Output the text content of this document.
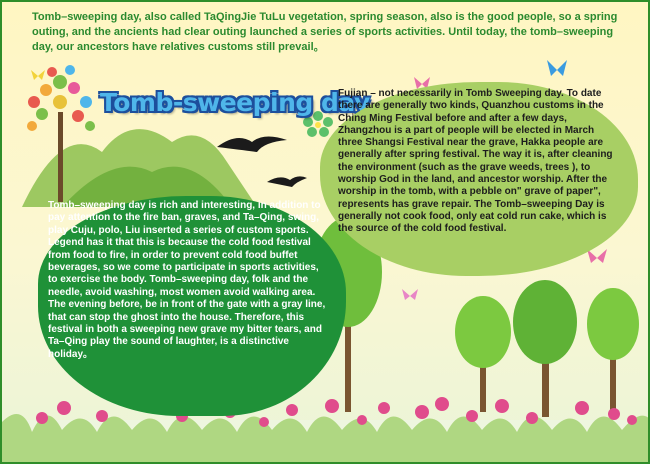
Tomb–sweeping day, also called TaQingJie TuLu vegetation, spring season, also is the good people, so a spring outing, and the ancients had clear outing launched a series of sports activities. Until today, the tomb–sweeping day, our ancestors have relatives customs still prevail。
Tomb-sweeping day
Fujian – not necessarily in Tomb Sweeping day. To date there are generally two kinds, Quanzhou customs in the Ching Ming Festival before and after a few days, Zhangzhou is a part of people will be elected in March three Shangsi Festival near the grave, Hakka people are generally after spring festival. The way it is, after cleaning the environment (such as the grave weeds, trees ), to worship God in the land, and ancestor worship. After the worship in the tomb, with a pebble on" grave of paper", represents has grave repair. The Tomb–sweeping Day is generally not cook food, only eat cold run cake, which is the source of the cold food festival.
Tomb–sweeping day is rich and interesting, in addition to pay attention to the fire ban, graves, and Ta–Qing, swing, play Cuju, polo, Liu inserted a series of custom sports. Legend has it that this is because the cold food festival from food to fire, in order to prevent cold food buffet beverages, so we come to participate in sports activities, to exercise the body. Tomb–sweeping day, folk and the needle, avoid washing, most women avoid walking area. The evening before, be in front of the gate with a gray line, that can stop the ghost into the house. Therefore, this festival in both a sweeping new grave my bitter tears, and Ta–Qing play the sound of laughter, is a distinctive holiday。
